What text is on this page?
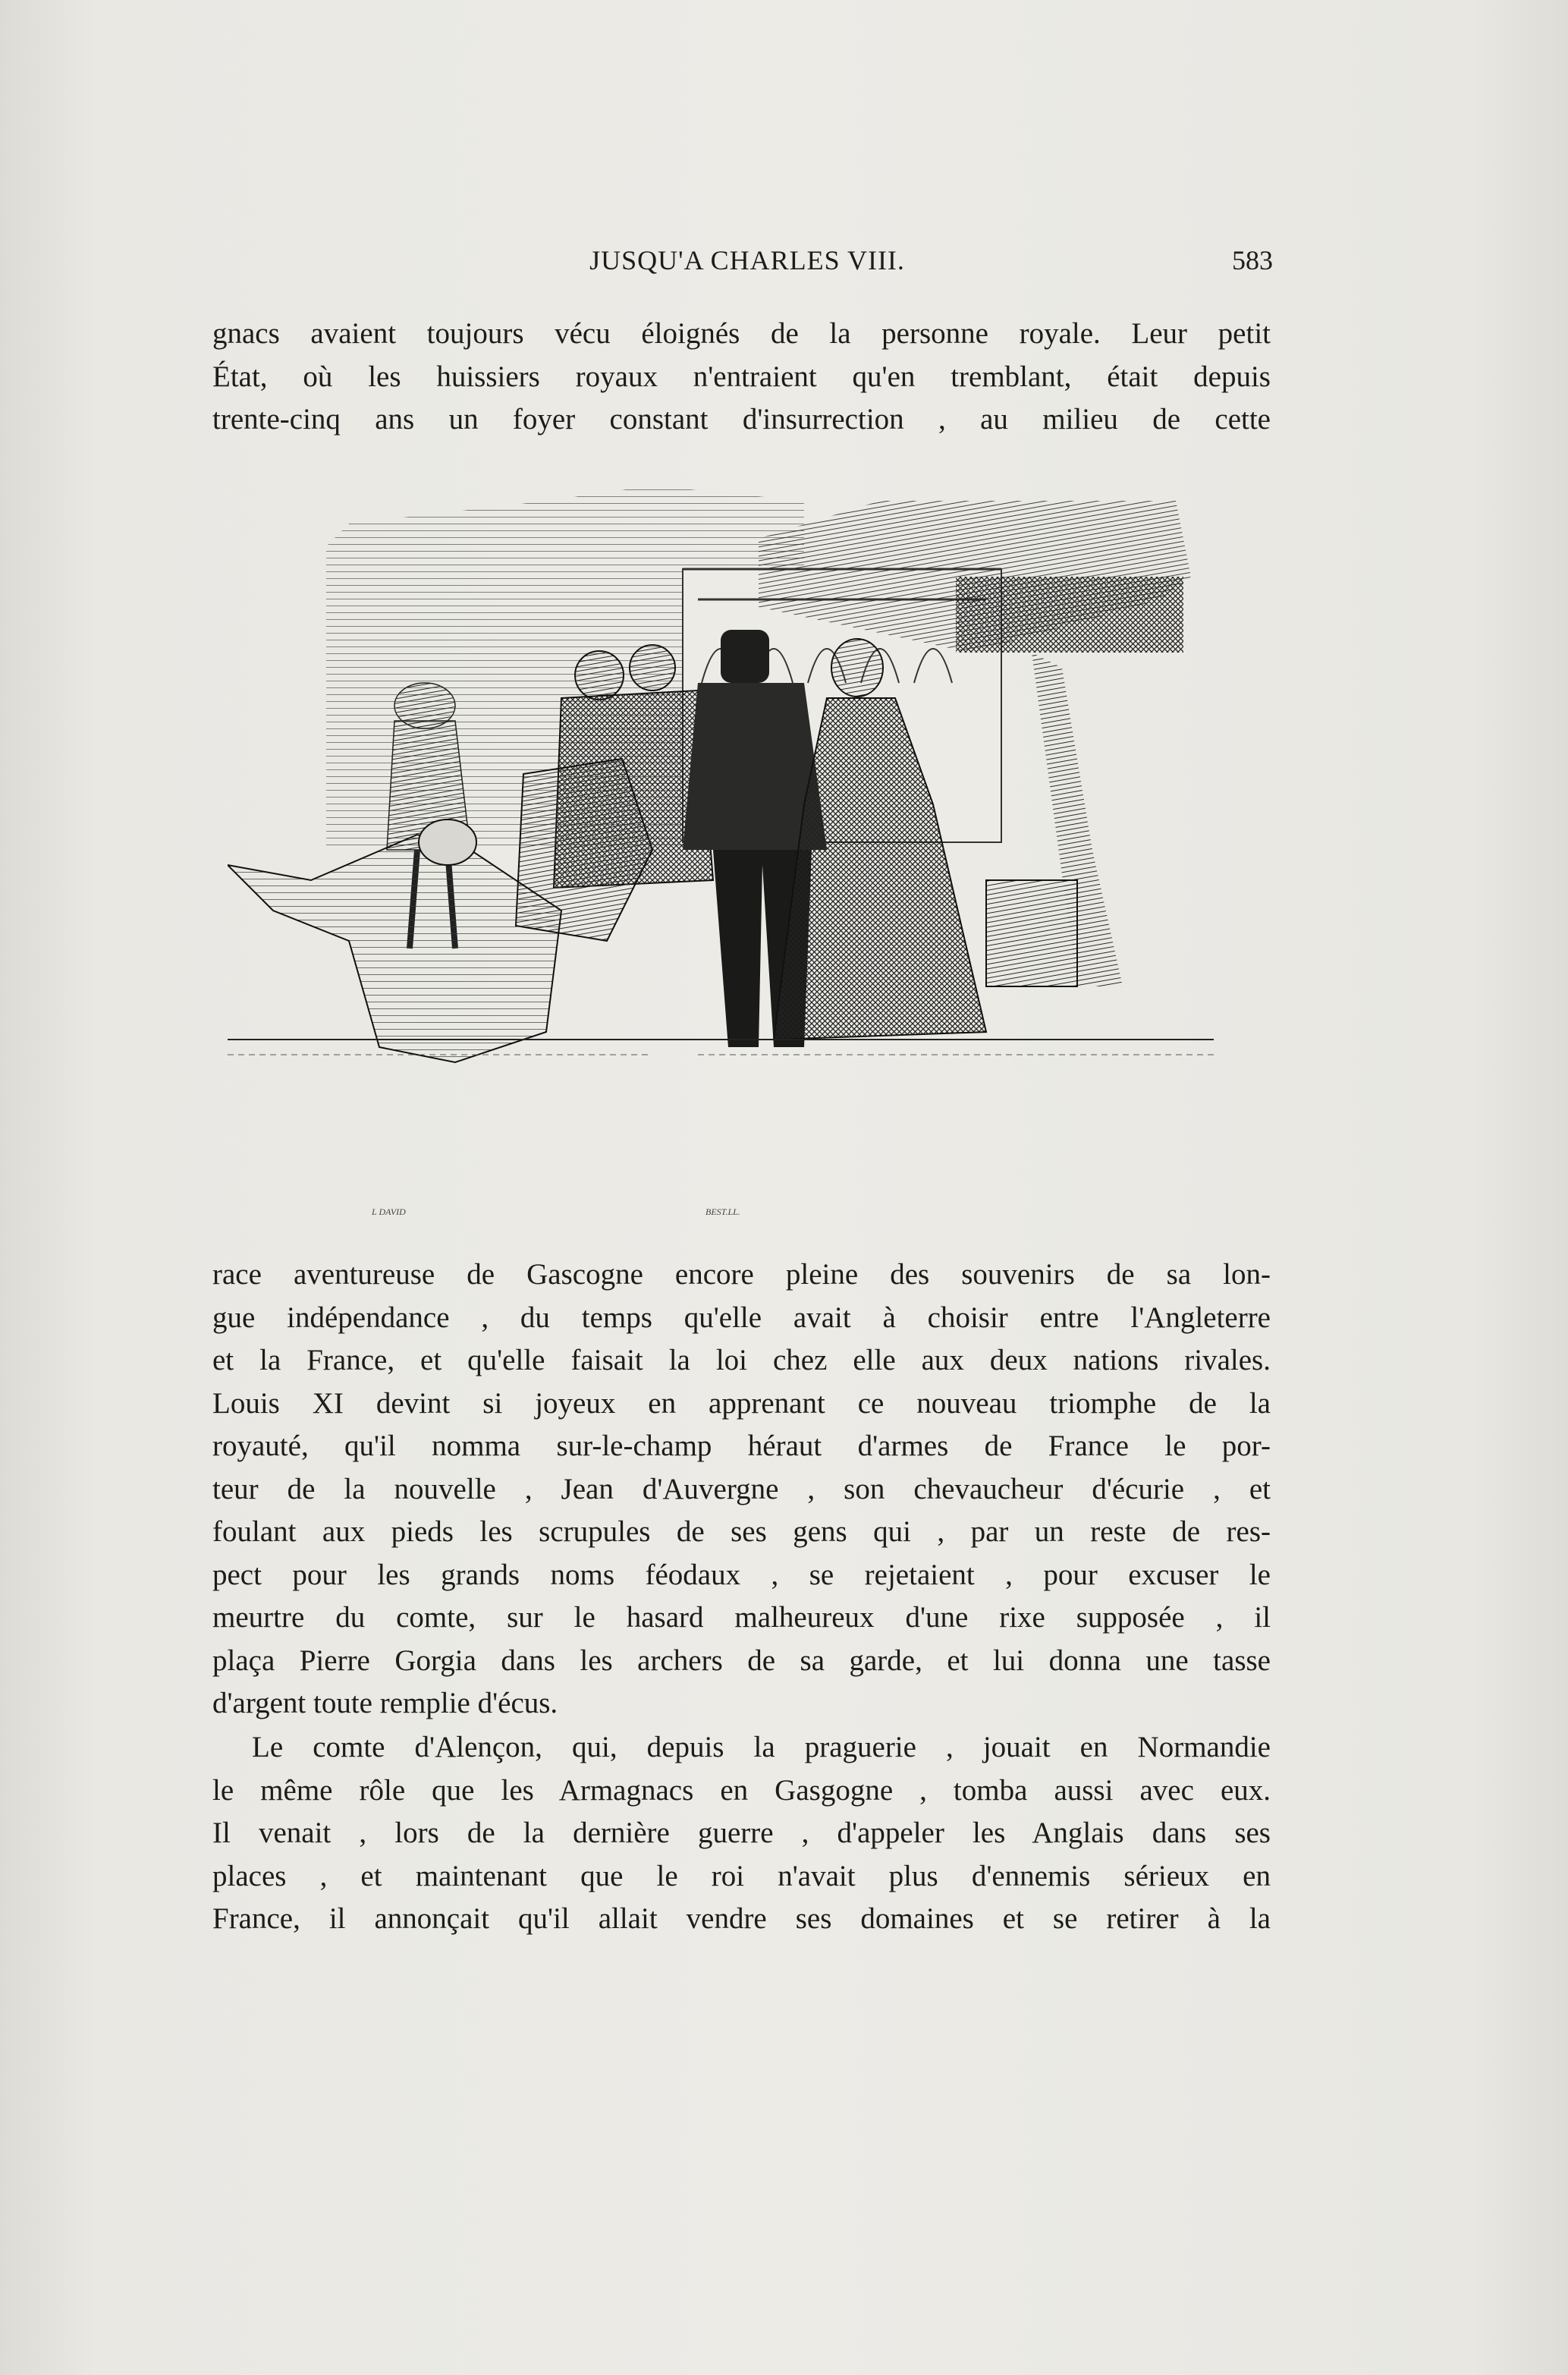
JUSQU'A CHARLES VIII.	583
gnacs avaient toujours vécu éloignés de la personne royale. Leur petit
État, où les huissiers royaux n'entraient qu'en tremblant, était depuis
trente-cinq ans un foyer constant d'insurrection , au milieu de cette
L DAVID	BEST.LL.
race aventureuse de Gascogne encore pleine des souvenirs de sa lon-
gue indépendance , du temps qu'elle avait à choisir entre l'Angleterre
et la France, et qu'elle faisait la loi chez elle aux deux nations rivales.
Louis XI devint si joyeux en apprenant ce nouveau triomphe de la
royauté, qu'il nomma sur-le-champ héraut d'armes de France le por-
teur de la nouvelle , Jean d'Auvergne , son chevaucheur d'écurie , et
foulant aux pieds les scrupules de ses gens qui , par un reste de res-
pect pour les grands noms féodaux , se rejetaient , pour excuser le
meurtre du comte, sur le hasard malheureux d'une rixe supposée , il
plaça Pierre Gorgia dans les archers de sa garde, et lui donna une tasse
d'argent toute remplie d'écus.
Le comte d'Alençon, qui, depuis la praguerie , jouait en Normandie
le même rôle que les Armagnacs en Gasgogne , tomba aussi avec eux.
Il venait , lors de la dernière guerre , d'appeler les Anglais dans ses
places , et maintenant que le roi n'avait plus d'ennemis sérieux en
France, il annonçait qu'il allait vendre ses domaines et se retirer à la
